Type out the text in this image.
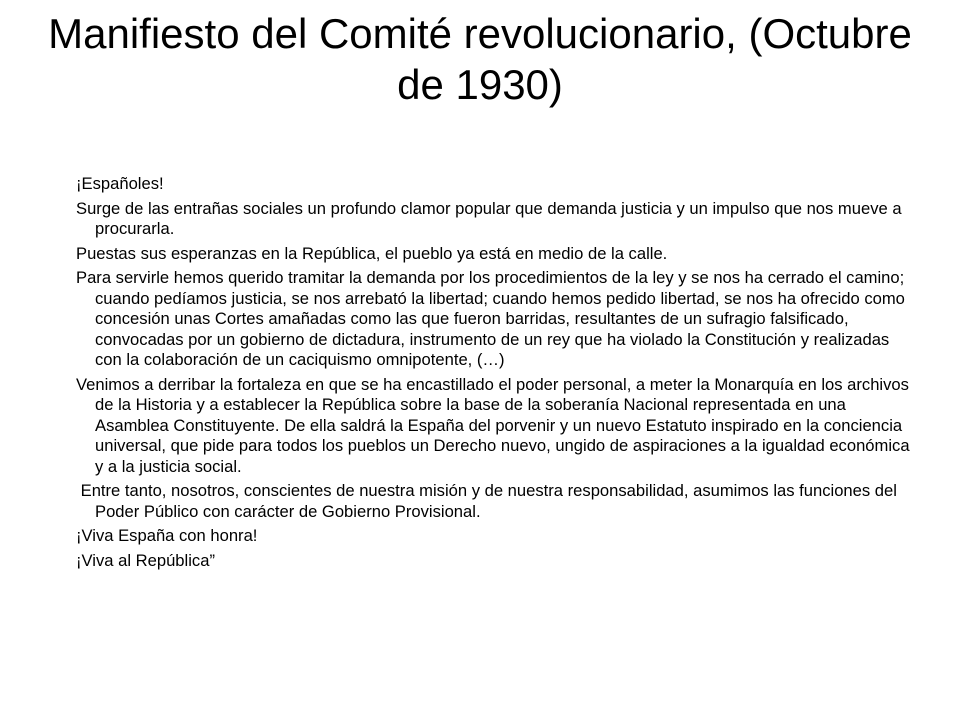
Manifiesto del Comité revolucionario, (Octubre de 1930)

¡Españoles!

Surge de las entrañas sociales un profundo clamor popular que demanda justicia y un impulso que nos mueve a procurarla.

Puestas sus esperanzas en la República, el pueblo ya está en medio de la calle.

Para servirle hemos querido tramitar la demanda por los procedimientos de la ley y se nos ha cerrado el camino; cuando pedíamos justicia, se nos arrebató la libertad; cuando hemos pedido libertad, se nos ha ofrecido como concesión unas Cortes amañadas como las que fueron barridas, resultantes de un sufragio falsificado, convocadas por un gobierno de dictadura, instrumento de un rey que ha violado la Constitución y realizadas con la colaboración de un caciquismo omnipotente, (…)

Venimos a derribar la fortaleza en que se ha encastillado el poder personal, a meter la Monarquía en los archivos de la Historia y a establecer la República sobre la base de la soberanía Nacional representada en una Asamblea Constituyente. De ella saldrá la España del porvenir y un nuevo Estatuto inspirado en la conciencia universal, que pide para todos los pueblos un Derecho nuevo, ungido de aspiraciones a la igualdad económica y a la justicia social.

Entre tanto, nosotros, conscientes de nuestra misión y de nuestra responsabilidad, asumimos las funciones del Poder Público con carácter de Gobierno Provisional.

¡Viva España con honra!

¡Viva al República”
